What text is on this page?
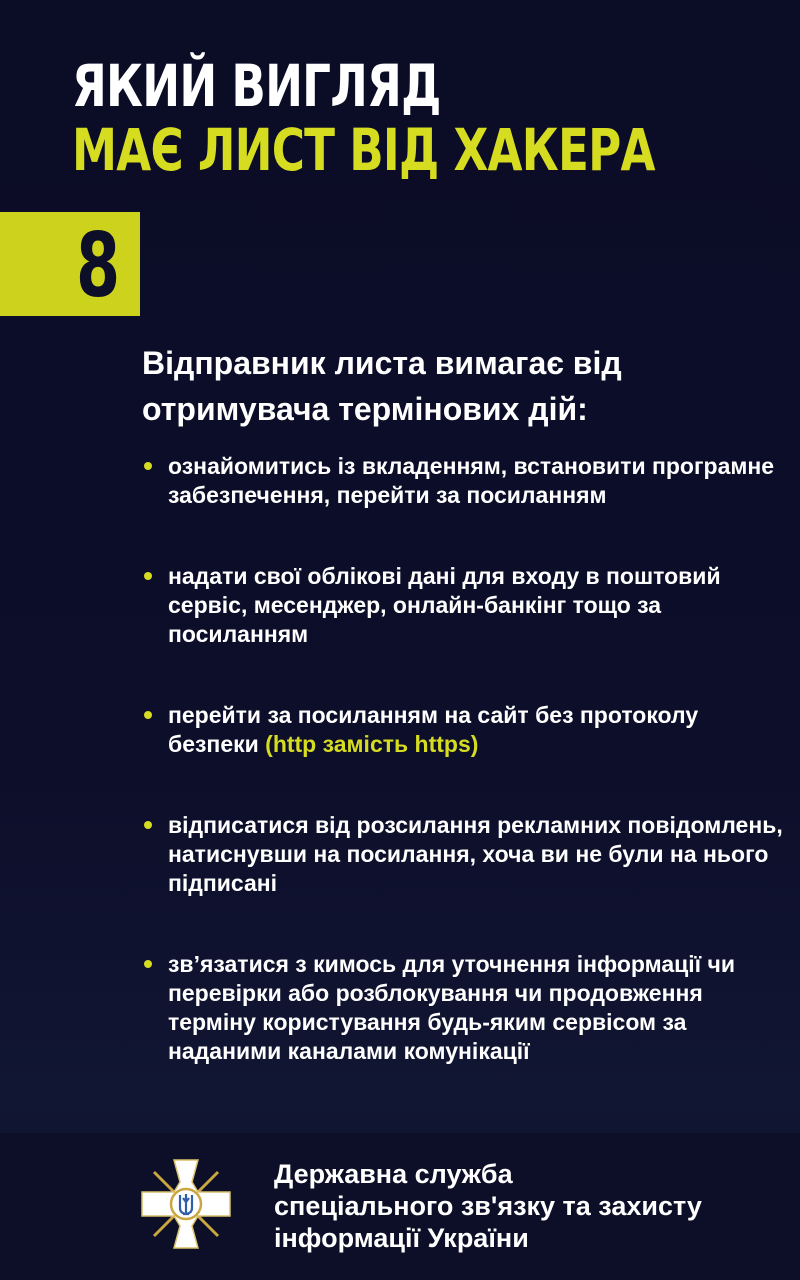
ЯКИЙ ВИГЛЯД
МАЄ ЛИСТ ВІД ХАКЕРА
8
Відправник листа вимагає від отримувача термінових дій:
ознайомитись із вкладенням, встановити програмне забезпечення, перейти за посиланням
надати свої облікові дані для входу в поштовий сервіс, месенджер, онлайн-банкінг тощо за посиланням
перейти за посиланням на сайт без протоколу безпеки (http замість https)
відписатися від розсилання рекламних повідомлень, натиснувши на посилання, хоча ви не були на нього підписані
зв’язатися з кимось для уточнення інформації чи перевірки або розблокування чи продовження терміну користування будь-яким сервісом за наданими каналами комунікації
Державна служба
спеціального зв'язку та захисту
інформації України
